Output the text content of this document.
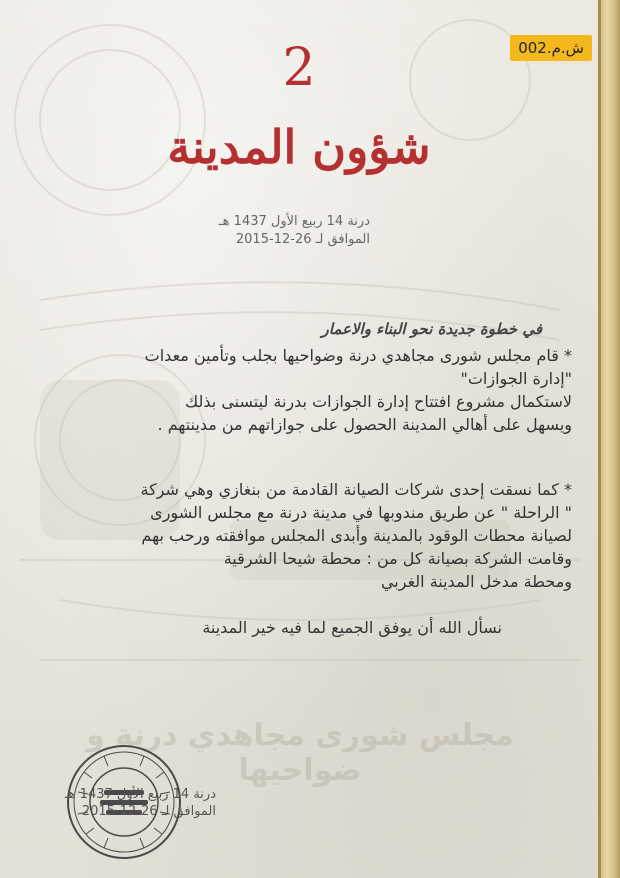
ش.م.002
2
شؤون المدينة
درنة 14 ربيع الأول 1437 هـ
الموافق لـ 26-12-2015
في خطوة جديدة نحو البناء والاعمار

* قام مجلس شورى مجاهدي درنة وضواحيها بجلب وتأمين معدات

"إدارة الجوازات"

لاستكمال مشروع افتتاح إدارة الجوازات بدرنة ليتسنى بذلك

ويسهل على أهالي المدينة الحصول على جوازاتهم من مدينتهم .

* كما نسقت إحدى شركات الصيانة القادمة من بنغازي وهي شركة

" الراحلة " عن طريق مندوبها في مدينة درنة مع مجلس الشورى

لصيانة محطات الوقود بالمدينة وأبدى المجلس موافقته ورحب بهم

وقامت الشركة بصيانة كل من : محطة شيحا الشرقية

ومحطة مدخل المدينة الغربي

نسأل الله أن يوفق الجميع لما فيه خير المدينة
مجلس شورى مجاهدي درنة و ضواحيها
درنة 14 ربيع الأول 1437 هـ
الموافق لـ 26-12-2015
